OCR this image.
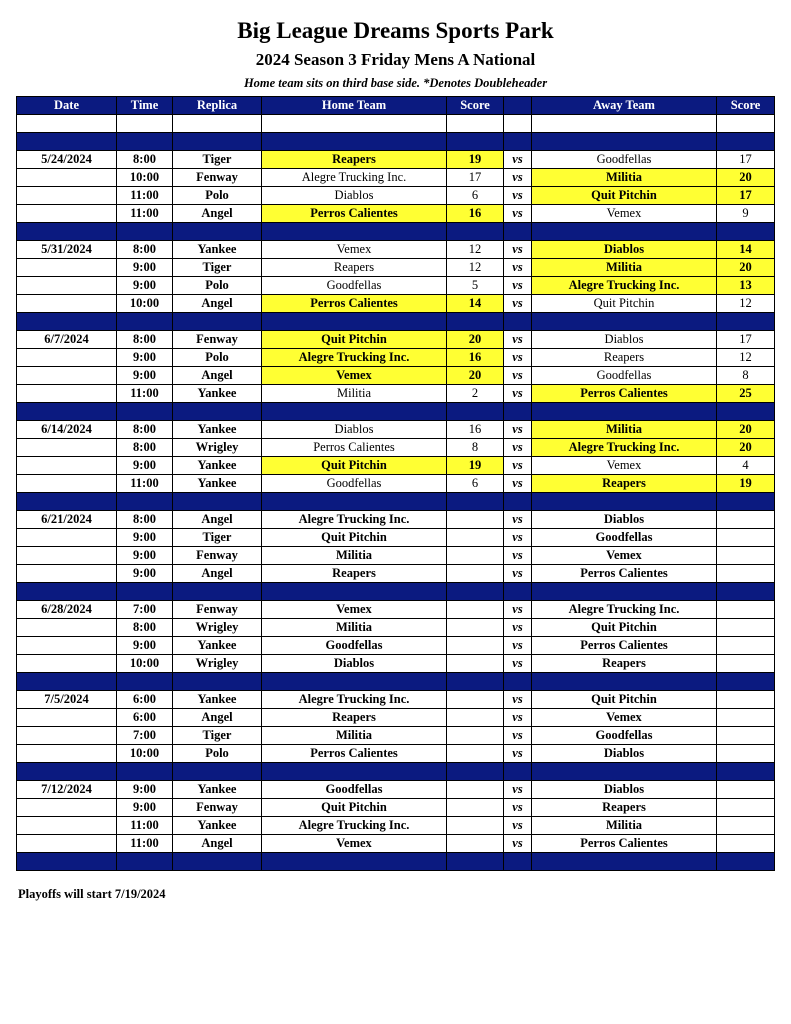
Big League Dreams Sports Park
2024 Season 3 Friday Mens A National
Home team sits on third base side. *Denotes Doubleheader
Date	Time	Replica	Home Team	Score		Away Team	Score

5/24/2024	8:00	Tiger	Reapers	19	vs	Goodfellas	17
	10:00	Fenway	Alegre Trucking Inc.	17	vs	Militia	20
	11:00	Polo	Diablos	6	vs	Quit Pitchin	17
	11:00	Angel	Perros Calientes	16	vs	Vemex	9

5/31/2024	8:00	Yankee	Vemex	12	vs	Diablos	14
	9:00	Tiger	Reapers	12	vs	Militia	20
	9:00	Polo	Goodfellas	5	vs	Alegre Trucking Inc.	13
	10:00	Angel	Perros Calientes	14	vs	Quit Pitchin	12

6/7/2024	8:00	Fenway	Quit Pitchin	20	vs	Diablos	17
	9:00	Polo	Alegre Trucking Inc.	16	vs	Reapers	12
	9:00	Angel	Vemex	20	vs	Goodfellas	8
	11:00	Yankee	Militia	2	vs	Perros Calientes	25

6/14/2024	8:00	Yankee	Diablos	16	vs	Militia	20
	8:00	Wrigley	Perros Calientes	8	vs	Alegre Trucking Inc.	20
	9:00	Yankee	Quit Pitchin	19	vs	Vemex	4
	11:00	Yankee	Goodfellas	6	vs	Reapers	19

6/21/2024	8:00	Angel	Alegre Trucking Inc.		vs	Diablos	
	9:00	Tiger	Quit Pitchin		vs	Goodfellas	
	9:00	Fenway	Militia		vs	Vemex	
	9:00	Angel	Reapers		vs	Perros Calientes	

6/28/2024	7:00	Fenway	Vemex		vs	Alegre Trucking Inc.	
	8:00	Wrigley	Militia		vs	Quit Pitchin	
	9:00	Yankee	Goodfellas		vs	Perros Calientes	
	10:00	Wrigley	Diablos		vs	Reapers	

7/5/2024	6:00	Yankee	Alegre Trucking Inc.		vs	Quit Pitchin	
	6:00	Angel	Reapers		vs	Vemex	
	7:00	Tiger	Militia		vs	Goodfellas	
	10:00	Polo	Perros Calientes		vs	Diablos	

7/12/2024	9:00	Yankee	Goodfellas		vs	Diablos	
	9:00	Fenway	Quit Pitchin		vs	Reapers	
	11:00	Yankee	Alegre Trucking Inc.		vs	Militia	
	11:00	Angel	Vemex		vs	Perros Calientes	

Playoffs will start 7/19/2024
